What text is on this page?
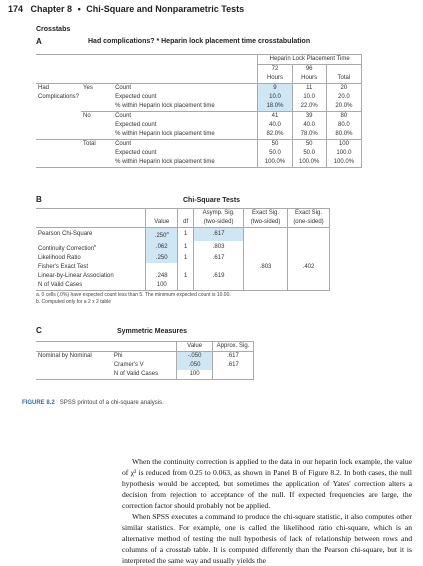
174 Chapter 8 • Chi-Square and Nonparametric Tests
Crosstabs
A	Had complications? * Heparin lock placement time crosstabulation
			Heparin Lock Placement Time		
			72	96	
			Hours	Hours	Total
Had	Yes	Count	9	11	20
Complications?		Expected count	10.0	10.0	20.0
		% within Heparin lock placement time	18.0%	22.0%	20.0%
	No	Count	41	39	80
		Expected count	40.0	40.0	80.0
		% within Heparin lock placement time	82.0%	78.0%	80.0%
	Total	Count	50	50	100
		Expected count	50.0	50.0	100.0
		% within Heparin lock placement time	100.0%	100.0%	100.0%
B	Chi-Square Tests
			Asymp. Sig.	Exact Sig.	Exact Sig.
	Value	df	(two-sided)	(two-sided)	(one-sided)
Pearson Chi-Square	.250$^a$	1	.617		
Continuity Correction$^b$	.062	1	.803		
Likelihood Ratio	.250	1	.617		
Fisher's Exact Test				.803	.402
Linear-by-Linear Association	.248	1	.619		
N of Valid Cases	100				
a. 0 cells (.0%) have expected count less than 5. The minimum expected count is 10.00.
b. Computed only for a 2 x 2 table
C	Symmetric Measures
		Value	Approx. Sig.
Nominal by Nominal	Phi	-.050	.617
	Cramer's V	.050	.617
	N of Valid Cases	100	
FIGURE 8.2 SPSS printout of a chi-square analysis.

When the continuity correction is applied to the data in our heparin lock example, the value of χ² is reduced from 0.25 to 0.063, as shown in Panel B of Figure 8.2. In both cases, the null hypothesis would be accepted, but sometimes the application of Yates' correction alters a decision from rejection to acceptance of the null. If expected frequencies are large, the correction factor should probably not be applied.

When SPSS executes a command to produce the chi-square statistic, it also computes other similar statistics. For example, one is called the likelihood ratio chi-square, which is an alternative method of testing the null hypothesis of lack of relationship between rows and columns of a crosstab table. It is computed differently than the Pearson chi-square, but it is interpreted the same way and usually yields the
